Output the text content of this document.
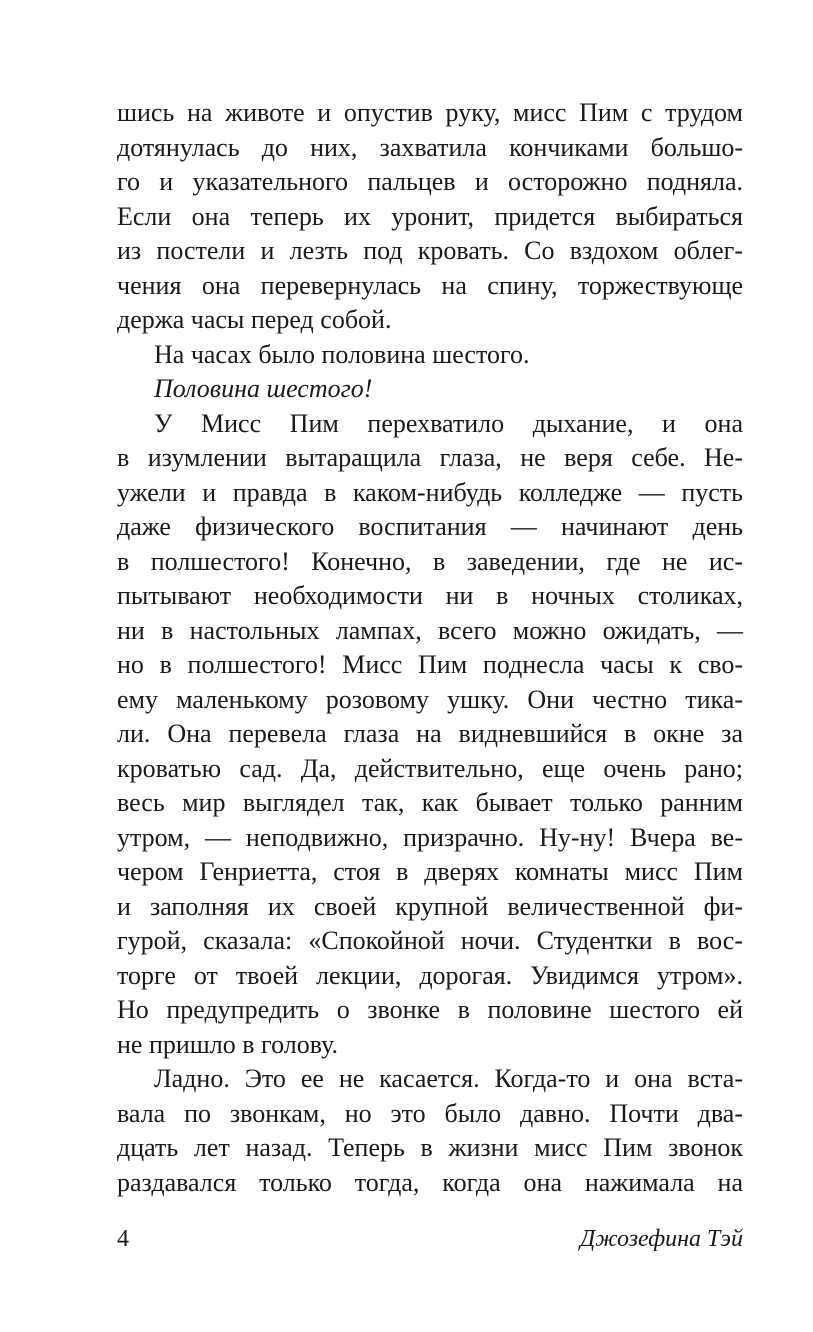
шись на животе и опустив руку, мисс Пим с трудом
дотянулась до них, захватила кончиками большо-
го и указательного пальцев и осторожно подняла.
Если она теперь их уронит, придется выбираться
из постели и лезть под кровать. Со вздохом облег-
чения она перевернулась на спину, торжествующе
держа часы перед собой.
На часах было половина шестого.
Половина шестого!
У Мисс Пим перехватило дыхание, и она
в изумлении вытаращила глаза, не веря себе. Не-
ужели и правда в каком-нибудь колледже — пусть
даже физического воспитания — начинают день
в полшестого! Конечно, в заведении, где не ис-
пытывают необходимости ни в ночных столиках,
ни в настольных лампах, всего можно ожидать, —
но в полшестого! Мисс Пим поднесла часы к сво-
ему маленькому розовому ушку. Они честно тика-
ли. Она перевела глаза на видневшийся в окне за
кроватью сад. Да, действительно, еще очень рано;
весь мир выглядел так, как бывает только ранним
утром, — неподвижно, призрачно. Ну-ну! Вчера ве-
чером Генриетта, стоя в дверях комнаты мисс Пим
и заполняя их своей крупной величественной фи-
гурой, сказала: «Спокойной ночи. Студентки в вос-
торге от твоей лекции, дорогая. Увидимся утром».
Но предупредить о звонке в половине шестого ей
не пришло в голову.
Ладно. Это ее не касается. Когда-то и она вста-
вала по звонкам, но это было давно. Почти два-
дцать лет назад. Теперь в жизни мисс Пим звонок
раздавался только тогда, когда она нажимала на
4	Джозефина Тэй
